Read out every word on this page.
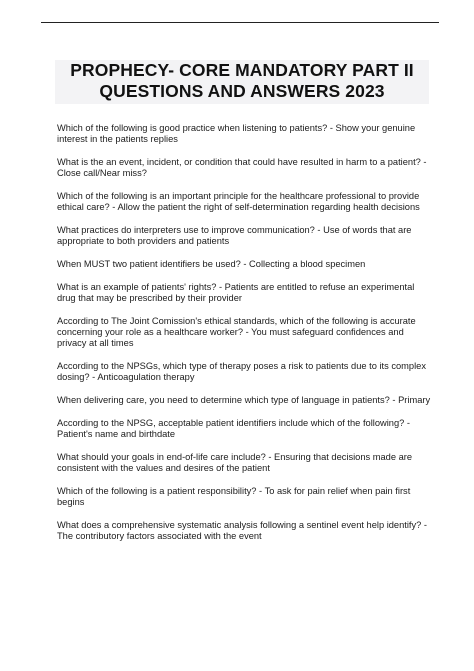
PROPHECY- CORE MANDATORY PART II
QUESTIONS AND ANSWERS 2023
Which of the following is good practice when listening to patients? - Show your genuine interest in the patients replies
What is the an event, incident, or condition that could have resulted in harm to a patient? - Close call/Near miss?
Which of the following is an important principle for the healthcare professional to provide ethical care? - Allow the patient the right of self-determination regarding health decisions
What practices do interpreters use to improve communication? - Use of words that are appropriate to both providers and patients
When MUST two patient identifiers be used? - Collecting a blood specimen
What is an example of patients' rights? - Patients are entitled to refuse an experimental drug that may be prescribed by their provider
According to The Joint Comission's ethical standards, which of the following is accurate concerning your role as a healthcare worker? - You must safeguard confidences and privacy at all times
According to the NPSGs, which type of therapy poses a risk to patients due to its complex dosing? - Anticoagulation therapy
When delivering care, you need to determine which type of language in patients? - Primary
According to the NPSG, acceptable patient identifiers include which of the following? - Patient's name and birthdate
What should your goals in end-of-life care include? - Ensuring that decisions made are consistent with the values and desires of the patient
Which of the following is a patient responsibility? - To ask for pain relief when pain first begins
What does a comprehensive systematic analysis following a sentinel event help identify? - The contributory factors associated with the event
